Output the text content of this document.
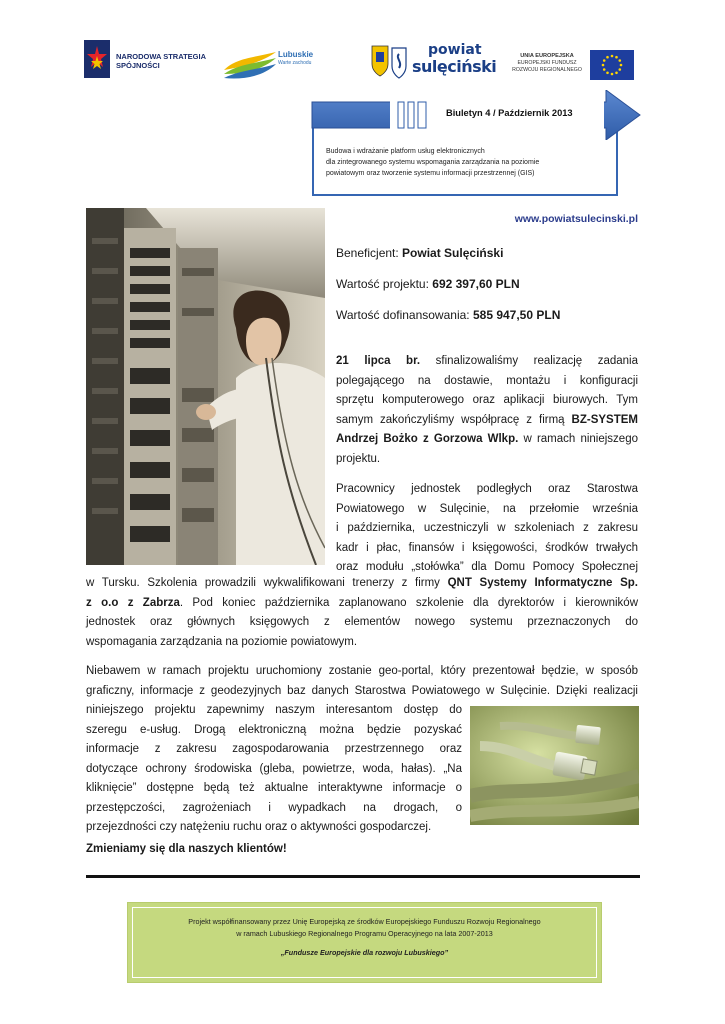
NARODOWA STRATEGIA SPÓJNOŚCI
Lubuskie
Warte zachodu
powiat
sulęciński
UNIA EUROPEJSKA
EUROPEJSKI FUNDUSZ
ROZWOJU REGIONALNEGO
Budowa i wdrażanie platform usług elektronicznych
dla zintegrowanego systemu wspomagania zarządzania na poziomie
powiatowym oraz tworzenie systemu informacji przestrzennej (GIS)
Biuletyn 4 / Październik 2013
www.powiatsulecinski.pl
Beneficjent: Powiat Sulęciński
Wartość projektu: 692 397,60 PLN
Wartość dofinansowania: 585 947,50 PLN
21 lipca br. sfinalizowaliśmy realizację zadania
polegającego na dostawie, montażu i konfiguracji
sprzętu komputerowego oraz aplikacji biurowych. Tym
samym zakończyliśmy współpracę z firmą BZ-SYSTEM
Andrzej Bożko z Gorzowa Wlkp. w ramach niniejszego
projektu.
Pracownicy jednostek podległych oraz Starostwa
Powiatowego w Sulęcinie, na przełomie września
i października, uczestniczyli w szkoleniach z zakresu
kadr i płac, finansów i księgowości, środków trwałych
oraz modułu „stołówka” dla Domu Pomocy Społecznej
w Tursku. Szkolenia prowadzili wykwalifikowani trenerzy z firmy QNT Systemy Informatyczne Sp.
z o.o z Zabrza. Pod koniec października zaplanowano szkolenie dla dyrektorów i kierowników
jednostek oraz głównych księgowych z elementów nowego systemu przeznaczonych do
wspomagania zarządzania na poziomie powiatowym.
Niebawem w ramach projektu uruchomiony zostanie geo-portal, który prezentował będzie, w sposób
graficzny, informacje z geodezyjnych baz danych Starostwa Powiatowego w Sulęcinie. Dzięki realizacji
niniejszego projektu zapewnimy naszym interesantom dostęp do
szeregu e-usług. Drogą elektroniczną można będzie pozyskać
informacje z zakresu zagospodarowania przestrzennego oraz
dotyczące ochrony środowiska (gleba, powietrze, woda, hałas). „Na
kliknięcie” dostępne będą też aktualne interaktywne informacje o
przestępczości, zagrożeniach i wypadkach na drogach, o
przejezdności czy natężeniu ruchu oraz o aktywności gospodarczej.
Zmieniamy się dla naszych klientów!
Projekt współfinansowany przez Unię Europejską ze środków Europejskiego Funduszu Rozwoju Regionalnego
w ramach Lubuskiego Regionalnego Programu Operacyjnego na lata 2007-2013
„Fundusze Europejskie dla rozwoju Lubuskiego”
